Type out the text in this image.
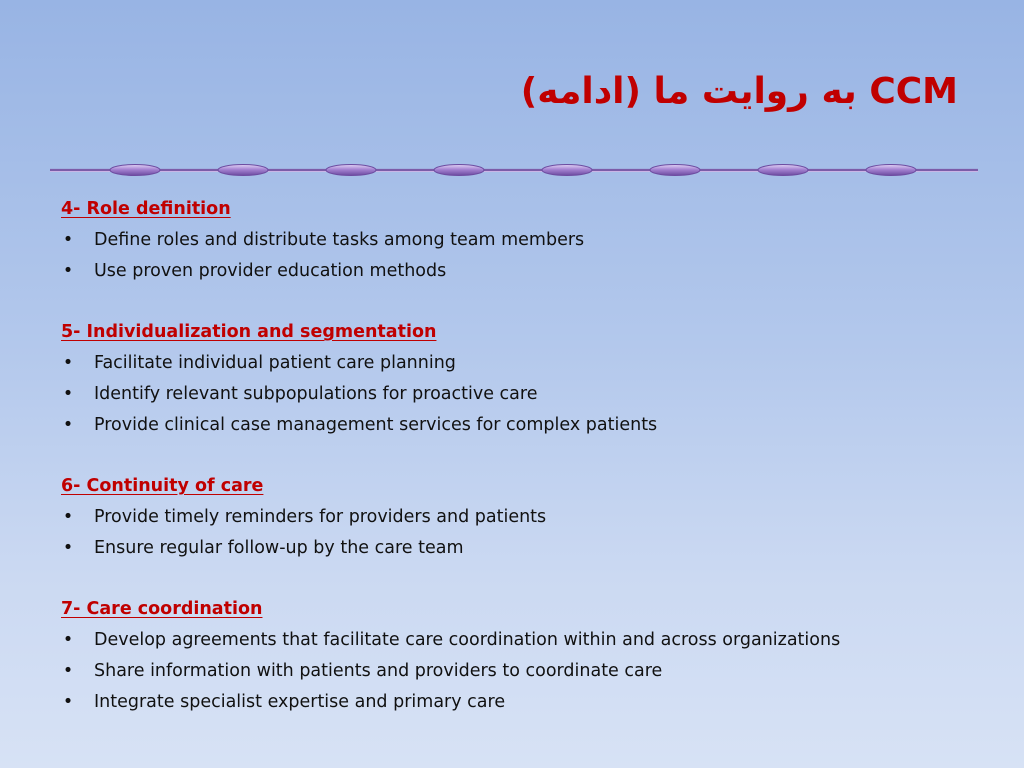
CCM به روایت ما (ادامه)

4- Role definition

• Define roles and distribute tasks among team members
• Use proven provider education methods

5- Individualization and segmentation

• Facilitate individual patient care planning
• Identify relevant subpopulations for proactive care
• Provide clinical case management services for complex patients

6- Continuity of care

• Provide timely reminders for providers and patients
• Ensure regular follow-up by the care team

7- Care coordination

• Develop agreements that facilitate care coordination within and across organizations
• Share information with patients and providers to coordinate care
• Integrate specialist expertise and primary care
